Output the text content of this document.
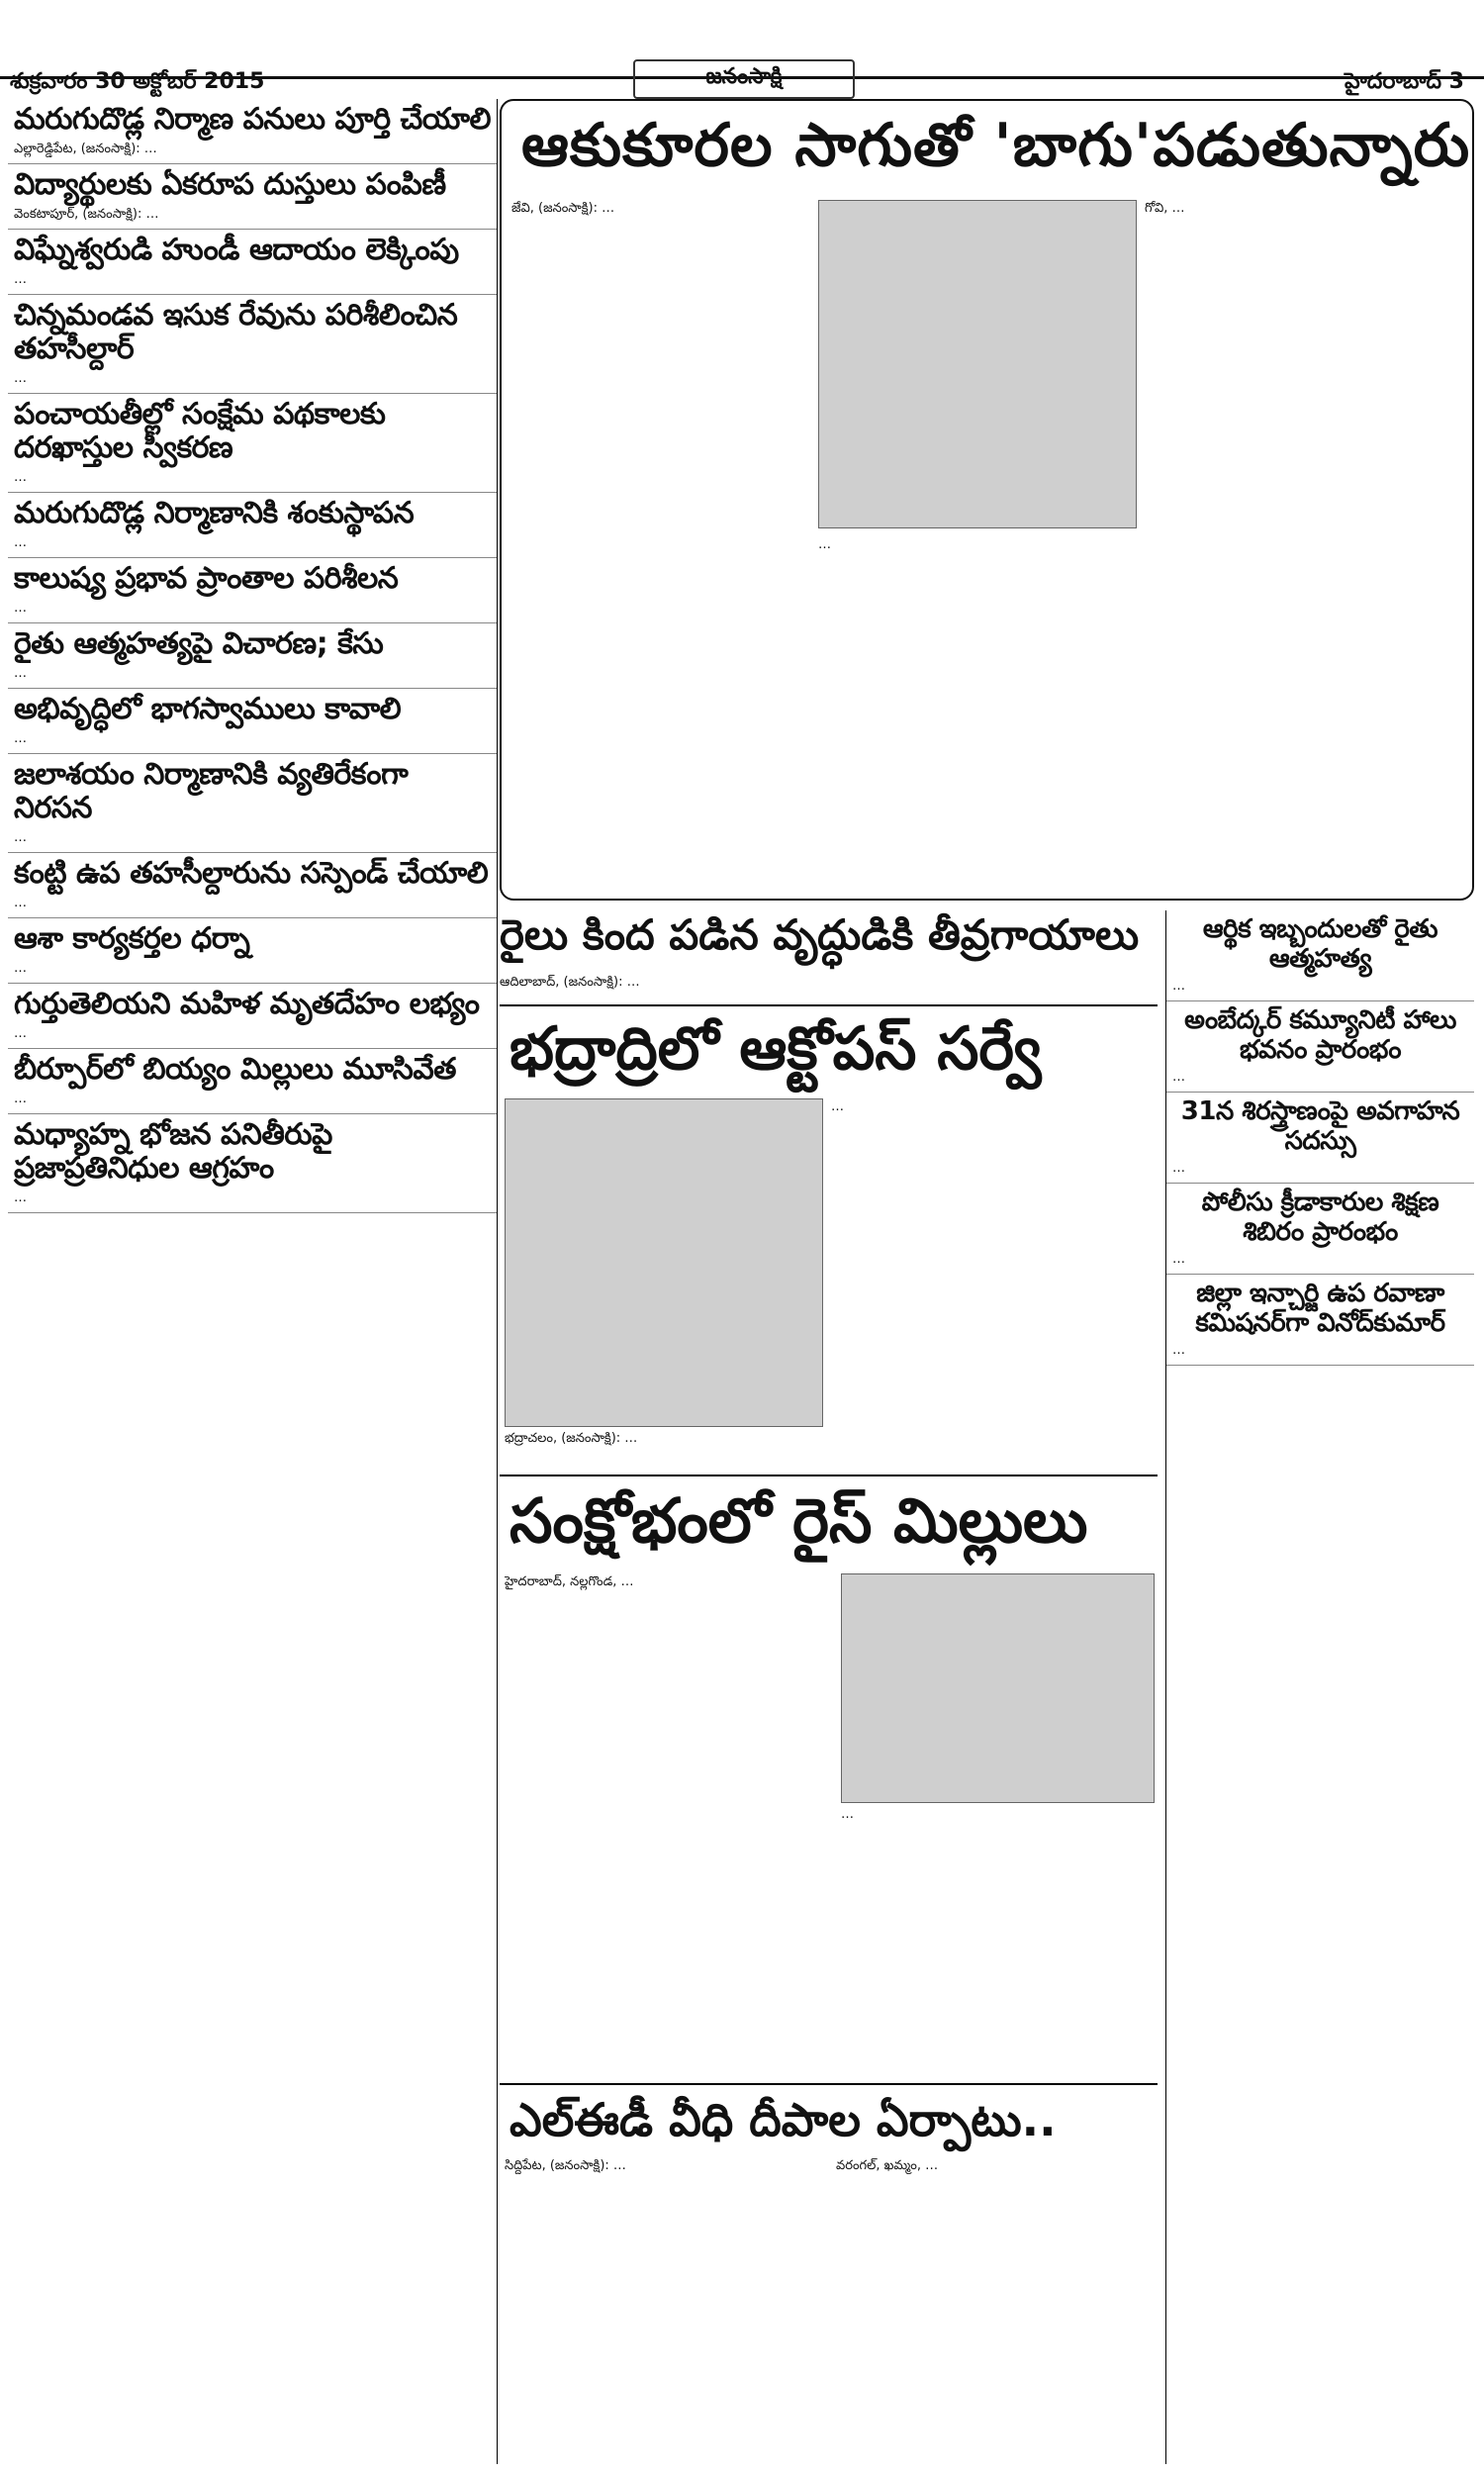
శుక్రవారం 30 అక్టోబర్ 2015	జనంసాక్షి	హైదరాబాద్ 3
మరుగుదొడ్ల నిర్మాణ పనులు పూర్తి చేయాలి

ఎల్లారెడ్డిపేట, (జనంసాక్షి): …

విద్యార్థులకు ఏకరూప దుస్తులు పంపిణీ

వెంకటాపూర్, (జనంసాక్షి): …

విఘ్నేశ్వరుడి హుండీ ఆదాయం లెక్కింపు

…

చిన్నమండవ ఇసుక రేవును పరిశీలించిన తహసీల్దార్

…

పంచాయతీల్లో సంక్షేమ పథకాలకు దరఖాస్తుల స్వీకరణ

…

మరుగుదొడ్ల నిర్మాణానికి శంకుస్థాపన

…

కాలుష్య ప్రభావ ప్రాంతాల పరిశీలన

…

రైతు ఆత్మహత్యపై విచారణ; కేసు

…

అభివృద్ధిలో భాగస్వాములు కావాలి

…

జలాశయం నిర్మాణానికి వ్యతిరేకంగా నిరసన

…

కంట్టి ఉప తహసీల్దారును సస్పెండ్ చేయాలి

…

ఆశా కార్యకర్తల ధర్నా

…

గుర్తుతెలియని మహిళ మృతదేహం లభ్యం

…

బీర్పూర్‌లో బియ్యం మిల్లులు మూసివేత

…

మధ్యాహ్న భోజన పనితీరుపై ప్రజాప్రతినిధుల ఆగ్రహం

…

ఆకుకూరల సాగుతో 'బాగు'పడుతున్నారు
జేవి, (జనంసాక్షి): …
…
గోవి, …
రైలు కింద పడిన వృద్ధుడికి తీవ్రగాయాలు

ఆదిలాబాద్, (జనంసాక్షి): …

భద్రాద్రిలో ఆక్టోపస్ సర్వే
భద్రాచలం, (జనంసాక్షి): …
…
సంక్షోభంలో రైస్ మిల్లులు
హైదరాబాద్, నల్లగొండ, …
…
ఎల్ఈడీ వీధి దీపాల ఏర్పాటు..
సిద్దిపేట, (జనంసాక్షి): …	వరంగల్, ఖమ్మం, …
ఆర్థిక ఇబ్బందులతో రైతు ఆత్మహత్య

…

అంబేద్కర్ కమ్యూనిటీ హాలు భవనం ప్రారంభం

…

31న శిరస్త్రాణంపై అవగాహన సదస్సు

…

పోలీసు క్రీడాకారుల శిక్షణ శిబిరం ప్రారంభం

…

జిల్లా ఇన్చార్జి ఉప రవాణా కమిషనర్‌గా వినోద్‌కుమార్

…
